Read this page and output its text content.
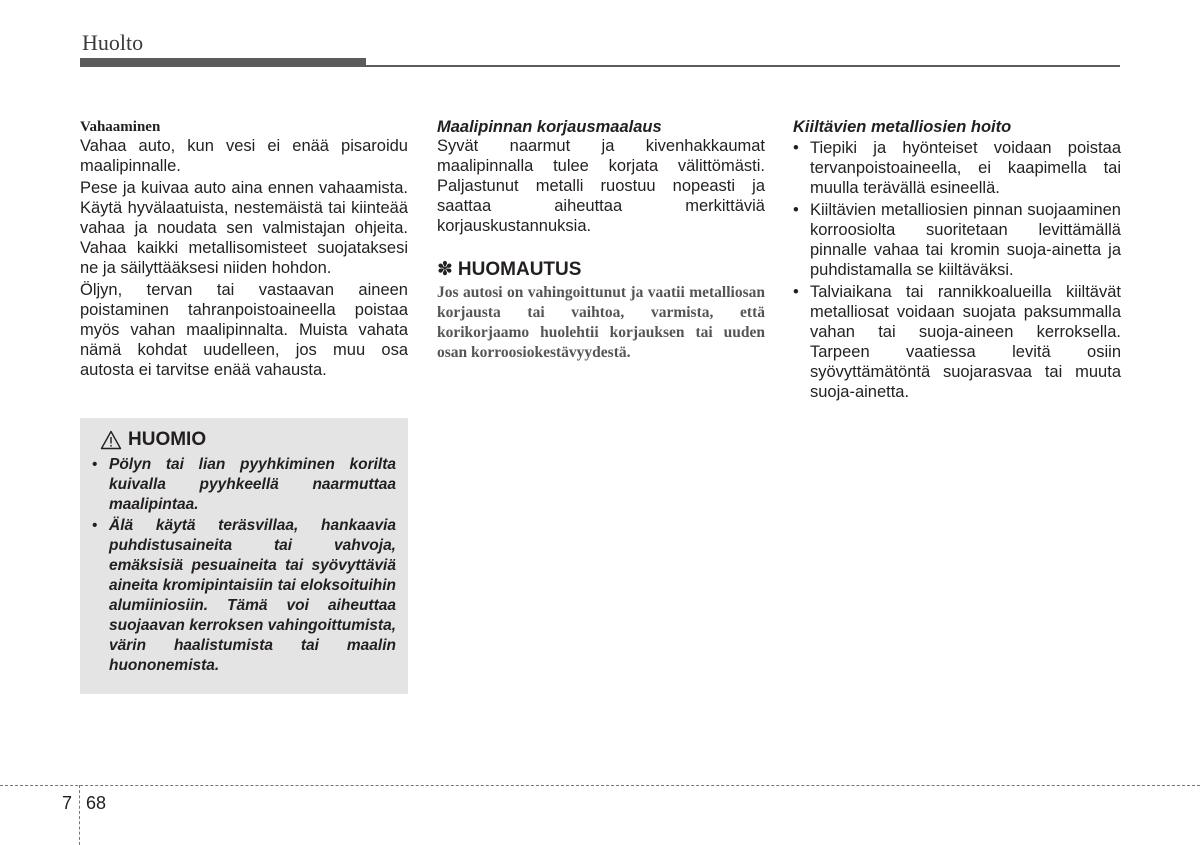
Huolto
Vahaaminen

Vahaa auto, kun vesi ei enää pisaroidu maalipinnalle.

Pese ja kuivaa auto aina ennen vahaamista. Käytä hyvälaatuista, nestemäistä tai kiinteää vahaa ja noudata sen valmistajan ohjeita. Vahaa kaikki metallisomisteet suojataksesi ne ja säilyttääksesi niiden hohdon.

Öljyn, tervan tai vastaavan aineen poistaminen tahranpoistoaineella poistaa myös vahan maalipinnalta. Muista vahata nämä kohdat uudelleen, jos muu osa autosta ei tarvitse enää vahausta.

HUOMIO
• Pölyn tai lian pyyhkiminen korilta kuivalla pyyhkeellä naarmuttaa maalipintaa.
• Älä käytä teräsvillaa, hankaavia puhdistusaineita tai vahvoja, emäksisiä pesuaineita tai syövyttäviä aineita kromipintaisiin tai eloksoituihin alumiiniosiin. Tämä voi aiheuttaa suojaavan kerroksen vahingoittumista, värin haalistumista tai maalin huononemista.
Maalipinnan korjausmaalaus

Syvät naarmut ja kivenhakkaumat maalipinnalla tulee korjata välittömästi. Paljastunut metalli ruostuu nopeasti ja saattaa aiheuttaa merkittäviä korjauskustannuksia.

✽ HUOMAUTUS

Jos autosi on vahingoittunut ja vaatii metalliosan korjausta tai vaihtoa, varmista, että korikorjaamo huolehtii korjauksen tai uuden osan korroosiokestävyydestä.

Kiiltävien metalliosien hoito
• Tiepiki ja hyönteiset voidaan poistaa tervanpoistoaineella, ei kaapimella tai muulla terävällä esineellä.
• Kiiltävien metalliosien pinnan suojaaminen korroosiolta suoritetaan levittämällä pinnalle vahaa tai kromin suoja-ainetta ja puhdistamalla se kiiltäväksi.
• Talviaikana tai rannikkoalueilla kiiltävät metalliosat voidaan suojata paksummalla vahan tai suoja-aineen kerroksella. Tarpeen vaatiessa levitä osiin syövyttämätöntä suojarasvaa tai muuta suoja-ainetta.
7 68
